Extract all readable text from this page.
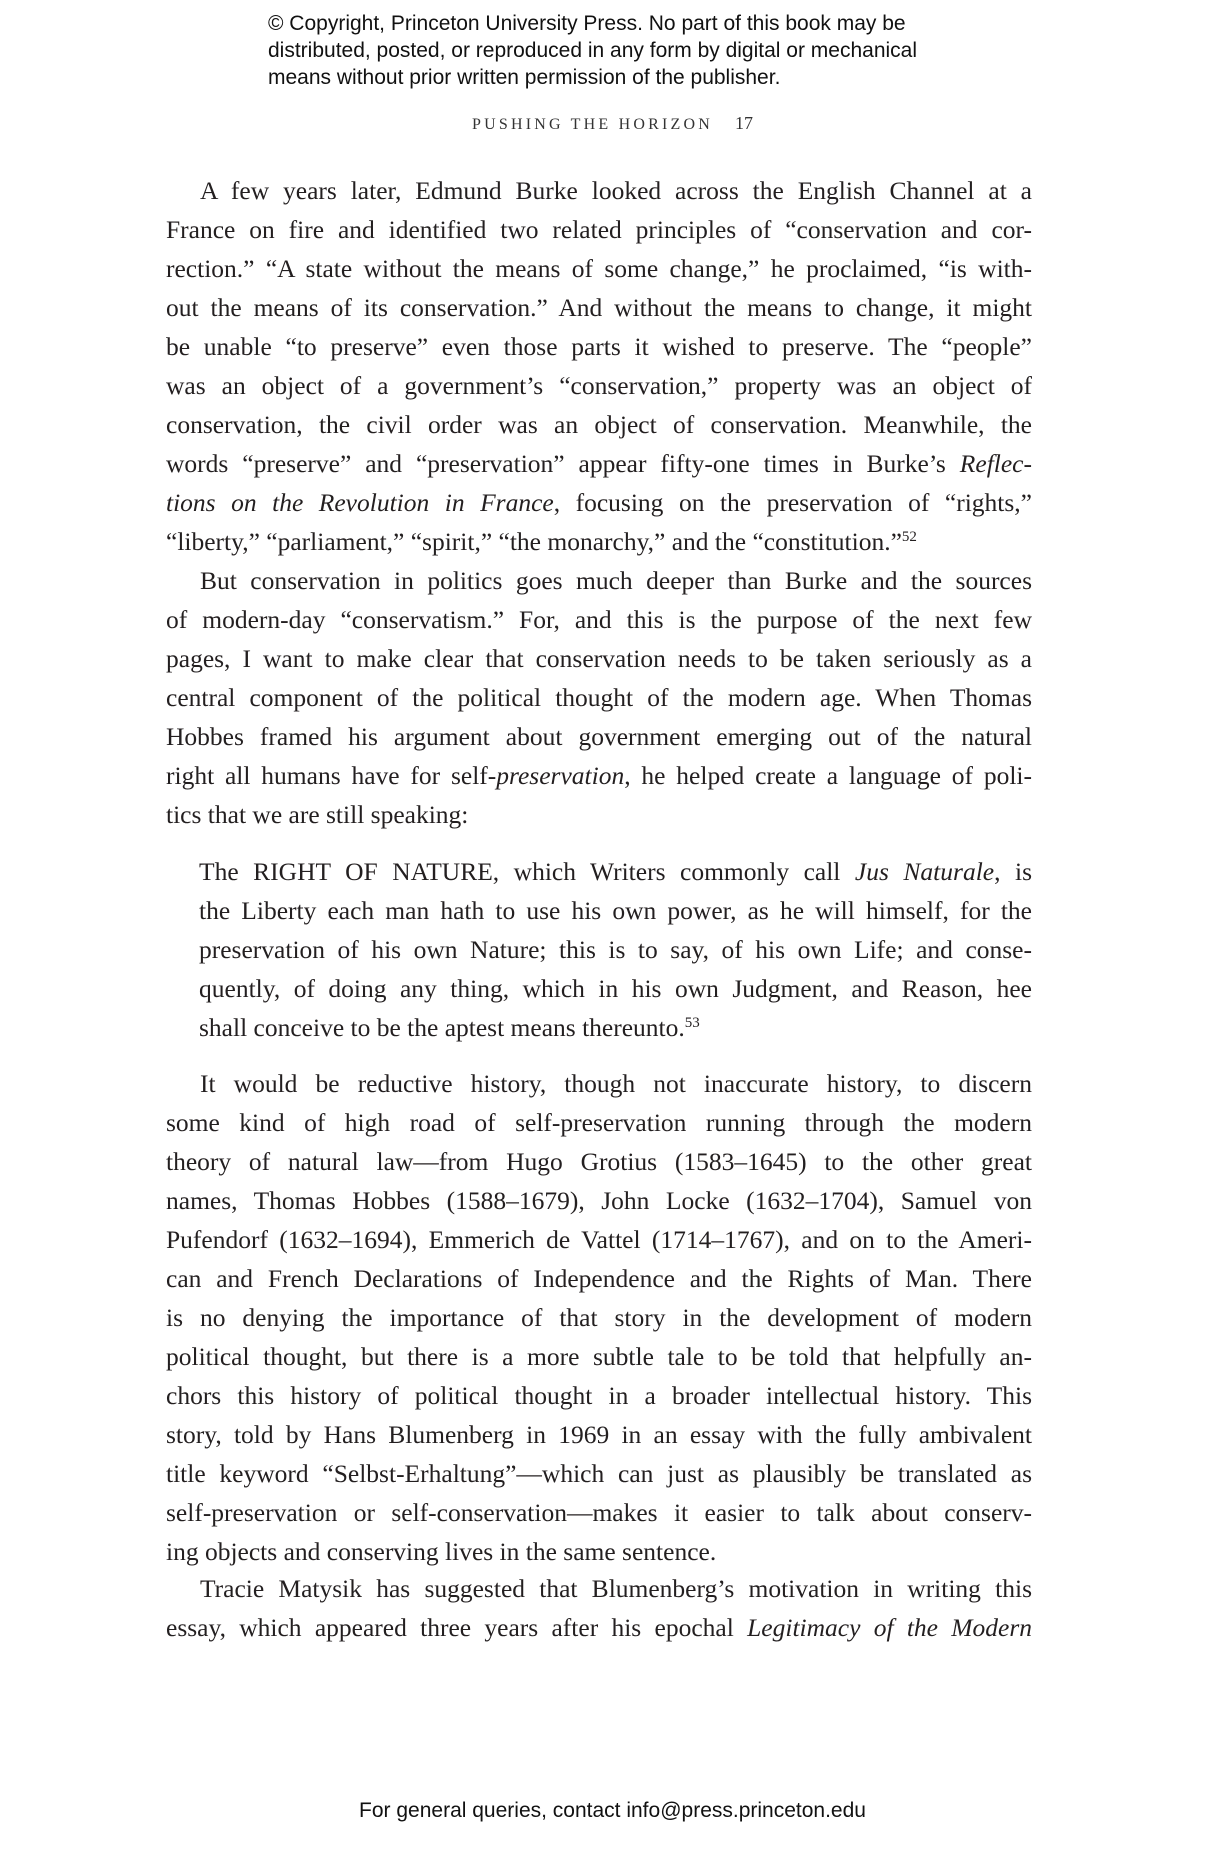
© Copyright, Princeton University Press. No part of this book may be
distributed, posted, or reproduced in any form by digital or mechanical
means without prior written permission of the publisher.
PUSHING THE HORIZON 17
A few years later, Edmund Burke looked across the English Channel at a
France on fire and identified two related principles of “conservation and cor-
rection.” “A state without the means of some change,” he proclaimed, “is with-
out the means of its conservation.” And without the means to change, it might
be unable “to preserve” even those parts it wished to preserve. The “people”
was an object of a government’s “conservation,” property was an object of
conservation, the civil order was an object of conservation. Meanwhile, the
words “preserve” and “preservation” appear fifty-one times in Burke’s Reflec-
tions on the Revolution in France, focusing on the preservation of “rights,”
“liberty,” “parliament,” “spirit,” “the monarchy,” and the “constitution.”$^{52}$
But conservation in politics goes much deeper than Burke and the sources
of modern-day “conservatism.” For, and this is the purpose of the next few
pages, I want to make clear that conservation needs to be taken seriously as a
central component of the political thought of the modern age. When Thomas
Hobbes framed his argument about government emerging out of the natural
right all humans have for self-preservation, he helped create a language of poli-
tics that we are still speaking:
The RIGHT OF NATURE, which Writers commonly call Jus Naturale, is
the Liberty each man hath to use his own power, as he will himself, for the
preservation of his own Nature; this is to say, of his own Life; and conse-
quently, of doing any thing, which in his own Judgment, and Reason, hee
shall conceive to be the aptest means thereunto.$^{53}$
It would be reductive history, though not inaccurate history, to discern
some kind of high road of self-preservation running through the modern
theory of natural law—from Hugo Grotius (1583–1645) to the other great
names, Thomas Hobbes (1588–1679), John Locke (1632–1704), Samuel von
Pufendorf (1632–1694), Emmerich de Vattel (1714–1767), and on to the Ameri-
can and French Declarations of Independence and the Rights of Man. There
is no denying the importance of that story in the development of modern
political thought, but there is a more subtle tale to be told that helpfully an-
chors this history of political thought in a broader intellectual history. This
story, told by Hans Blumenberg in 1969 in an essay with the fully ambivalent
title keyword “Selbst-Erhaltung”—which can just as plausibly be translated as
self-preservation or self-conservation—makes it easier to talk about conserv-
ing objects and conserving lives in the same sentence.
Tracie Matysik has suggested that Blumenberg’s motivation in writing this
essay, which appeared three years after his epochal Legitimacy of the Modern
For general queries, contact info@press.princeton.edu
